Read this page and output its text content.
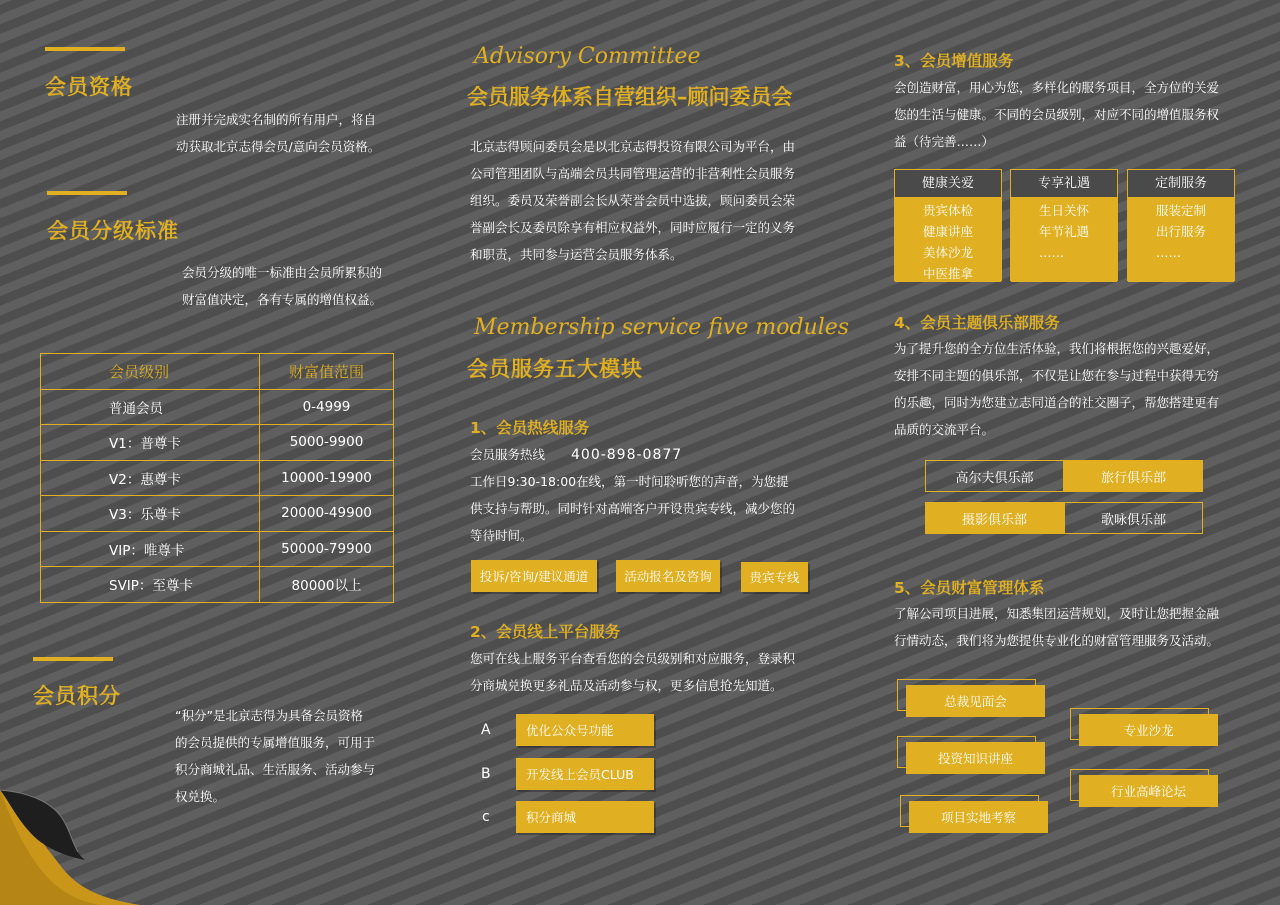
会员资格
注册并完成实名制的所有用户，将自
动获取北京志得会员/意向会员资格。
会员分级标准
会员分级的唯一标准由会员所累积的
财富值决定，各有专属的增值权益。
会员级别	财富值范围
普通会员	0-4999
V1：普尊卡	5000-9900
V2：惠尊卡	10000-19900
V3：乐尊卡	20000-49900
VIP：唯尊卡	50000-79900
SVIP：至尊卡	80000以上
会员积分
“积分”是北京志得为具备会员资格
的会员提供的专属增值服务，可用于
积分商城礼品、生活服务、活动参与
权兑换。
Advisory Committee
会员服务体系自营组织–顾问委员会
北京志得顾问委员会是以北京志得投资有限公司为平台，由
公司管理团队与高端会员共同管理运营的非营利性会员服务
组织。委员及荣誉副会长从荣誉会员中选拔，顾问委员会荣
誉副会长及委员除享有相应权益外，同时应履行一定的义务
和职责，共同参与运营会员服务体系。
Membership service five modules
会员服务五大模块
1、会员热线服务
会员服务热线 400-898-0877
工作日9:30-18:00在线，第一时间聆听您的声音，为您提
供支持与帮助。同时针对高端客户开设贵宾专线，减少您的
等待时间。
投诉/咨询/建议通道	活动报名及咨询	贵宾专线
2、会员线上平台服务
您可在线上服务平台查看您的会员级别和对应服务，登录积
分商城兑换更多礼品及活动参与权，更多信息抢先知道。
A	优化公众号功能
B	开发线上会员CLUB
c	积分商城
3、会员增值服务
会创造财富，用心为您，多样化的服务项目，全方位的关爱
您的生活与健康。不同的会员级别，对应不同的增值服务权
益（待完善……）
健康关爱
贵宾体检
健康讲座
美体沙龙
中医推拿
专享礼遇
生日关怀
年节礼遇
……
定制服务
服装定制
出行服务
……
4、会员主题俱乐部服务
为了提升您的全方位生活体验，我们将根据您的兴趣爱好，
安排不同主题的俱乐部，不仅是让您在参与过程中获得无穷
的乐趣，同时为您建立志同道合的社交圈子，帮您搭建更有
品质的交流平台。
高尔夫俱乐部	旅行俱乐部
摄影俱乐部	歌咏俱乐部
5、会员财富管理体系
了解公司项目进展，知悉集团运营规划，及时让您把握金融
行情动态，我们将为您提供专业化的财富管理服务及活动。
总裁见面会
投资知识讲座
项目实地考察
专业沙龙
行业高峰论坛
